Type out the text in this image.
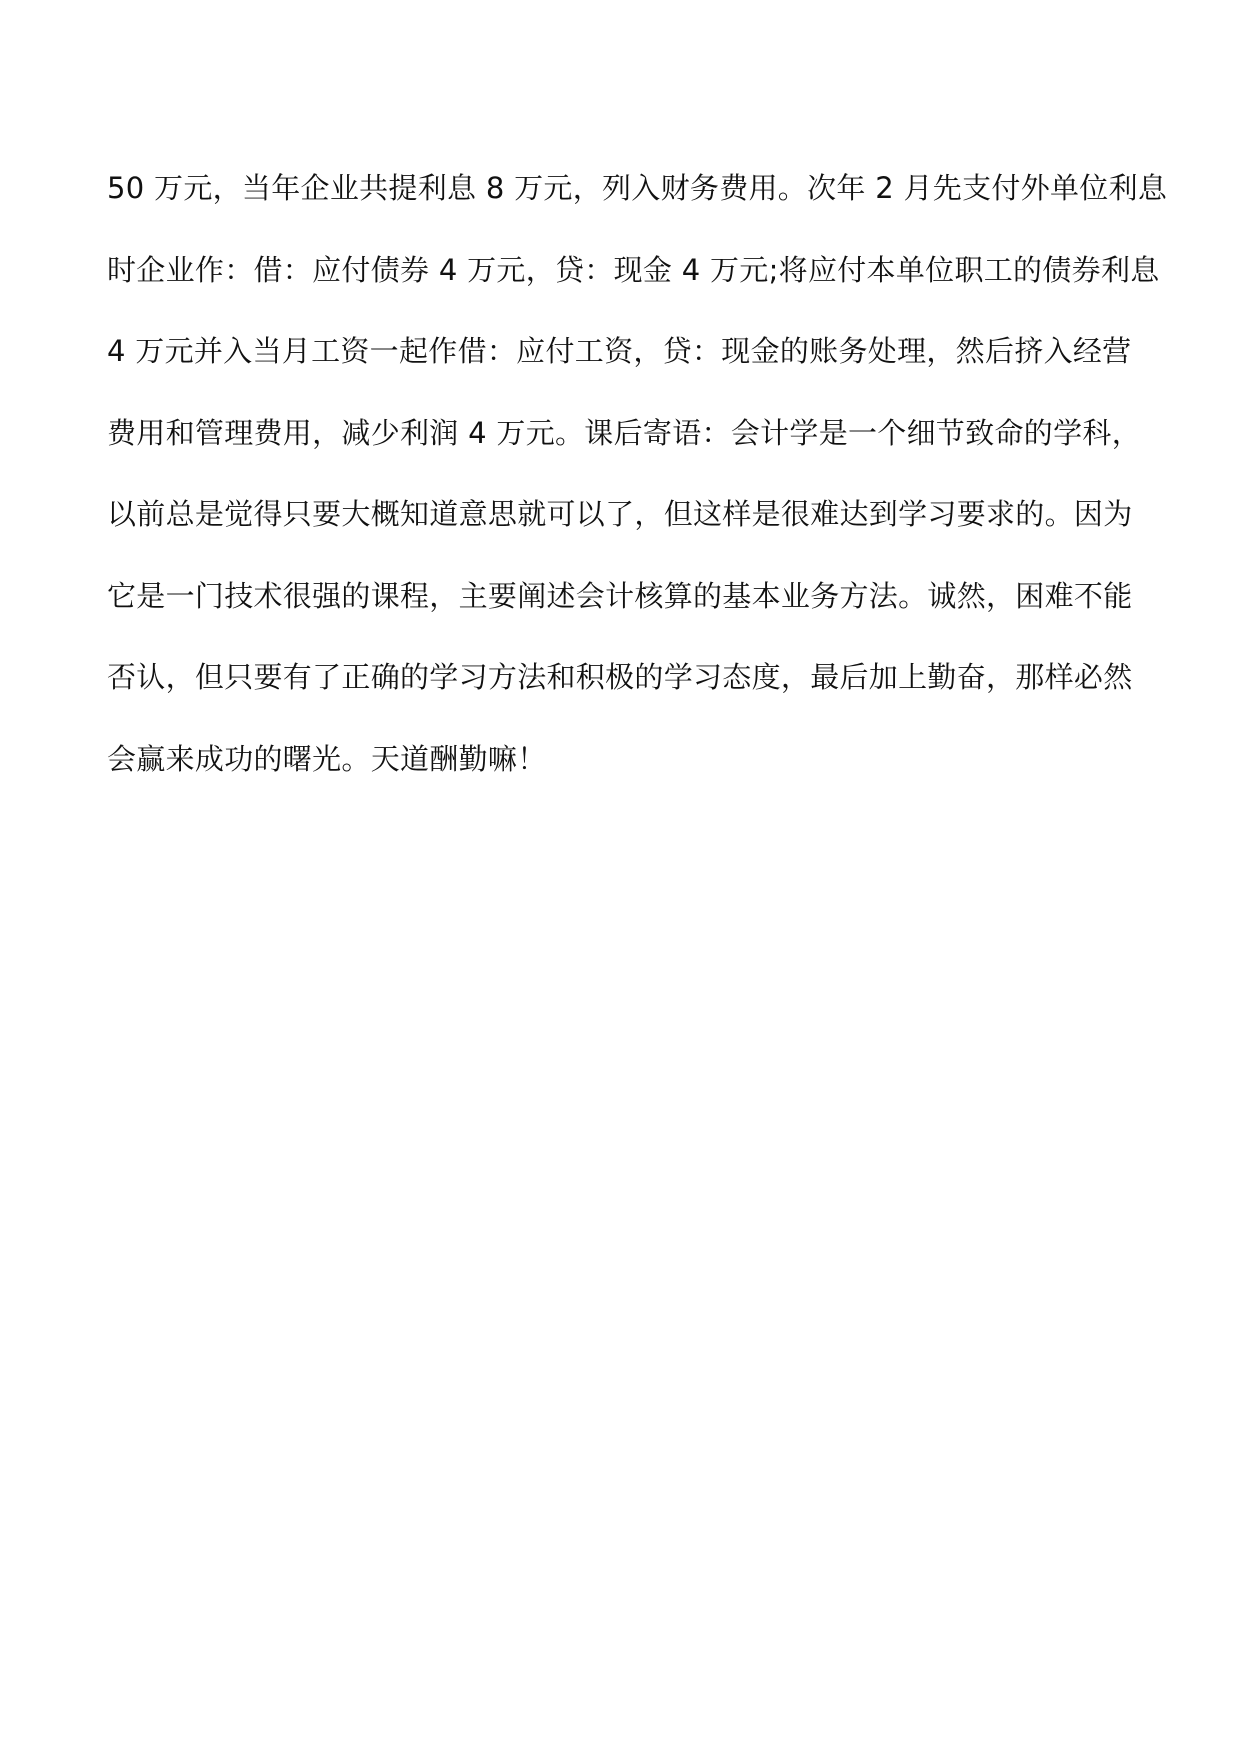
50 万元，当年企业共提利息 8 万元，列入财务费用。次年 2 月先支付外单位利息
时企业作：借：应付债券 4 万元，贷：现金 4 万元;将应付本单位职工的债券利息
4 万元并入当月工资一起作借：应付工资，贷：现金的账务处理，然后挤入经营
费用和管理费用，减少利润 4 万元。课后寄语：会计学是一个细节致命的学科，
以前总是觉得只要大概知道意思就可以了，但这样是很难达到学习要求的。因为
它是一门技术很强的课程，主要阐述会计核算的基本业务方法。诚然，困难不能
否认，但只要有了正确的学习方法和积极的学习态度，最后加上勤奋，那样必然
会赢来成功的曙光。天道酬勤嘛！
